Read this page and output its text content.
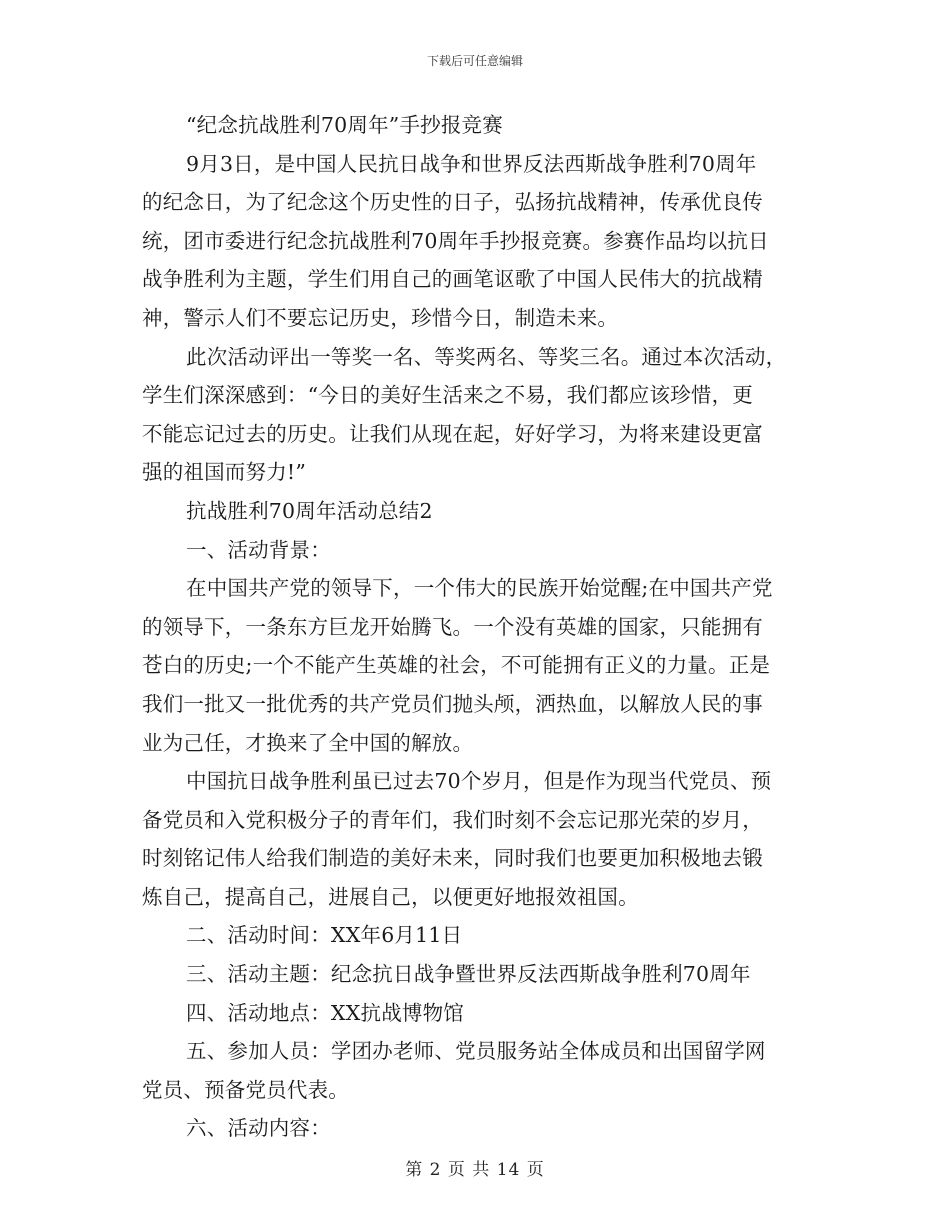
下载后可任意编辑
“纪念抗战胜利70周年”手抄报竞赛
9月3日，是中国人民抗日战争和世界反法西斯战争胜利70周年
的纪念日，为了纪念这个历史性的日子，弘扬抗战精神，传承优良传
统，团市委进行纪念抗战胜利70周年手抄报竞赛。参赛作品均以抗日
战争胜利为主题，学生们用自己的画笔讴歌了中国人民伟大的抗战精
神，警示人们不要忘记历史，珍惜今日，制造未来。
此次活动评出一等奖一名、等奖两名、等奖三名。通过本次活动，
学生们深深感到：“今日的美好生活来之不易，我们都应该珍惜，更
不能忘记过去的历史。让我们从现在起，好好学习，为将来建设更富
强的祖国而努力!”
抗战胜利70周年活动总结2
一、活动背景：
在中国共产党的领导下，一个伟大的民族开始觉醒;在中国共产党
的领导下，一条东方巨龙开始腾飞。一个没有英雄的国家，只能拥有
苍白的历史;一个不能产生英雄的社会，不可能拥有正义的力量。正是
我们一批又一批优秀的共产党员们抛头颅，洒热血，以解放人民的事
业为己任，才换来了全中国的解放。
中国抗日战争胜利虽已过去70个岁月，但是作为现当代党员、预
备党员和入党积极分子的青年们，我们时刻不会忘记那光荣的岁月，
时刻铭记伟人给我们制造的美好未来，同时我们也要更加积极地去锻
炼自己，提高自己，进展自己，以便更好地报效祖国。
二、活动时间：XX年6月11日
三、活动主题：纪念抗日战争暨世界反法西斯战争胜利70周年
四、活动地点：XX抗战博物馆
五、参加人员：学团办老师、党员服务站全体成员和出国留学网
党员、预备党员代表。
六、活动内容：
第 2 页 共 14 页
